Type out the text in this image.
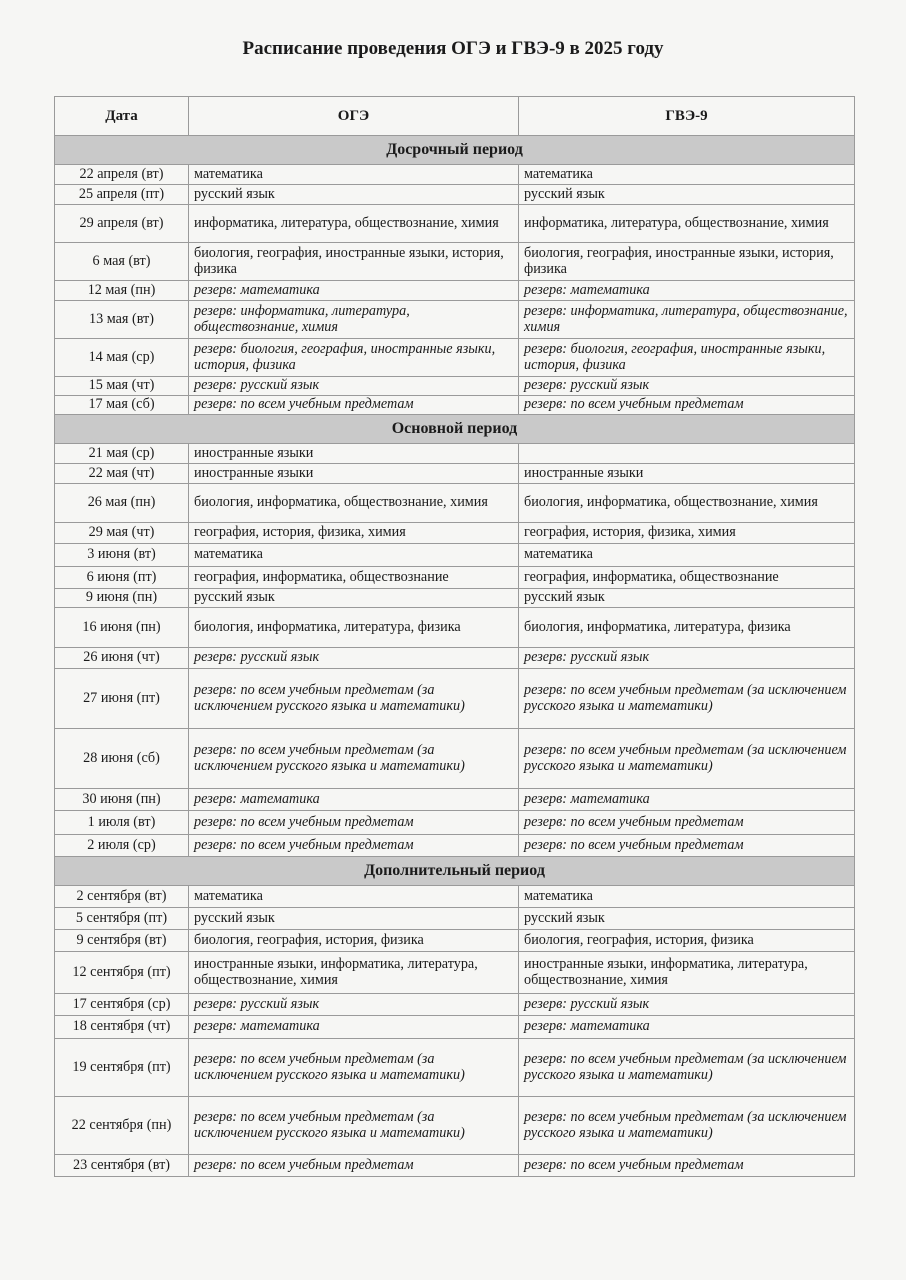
Расписание проведения ОГЭ и ГВЭ-9 в 2025 году
Дата	ОГЭ	ГВЭ-9
Досрочный период		
22 апреля (вт)	математика	математика
25 апреля (пт)	русский язык	русский язык
29 апреля (вт)	информатика, литература, обществознание, химия	информатика, литература, обществознание, химия
6 мая (вт)	биология, география, иностранные языки, история, физика	биология, география, иностранные языки, история, физика
12 мая (пн)	резерв: математика	резерв: математика
13 мая (вт)	резерв: информатика, литература, обществознание, химия	резерв: информатика, литература, обществознание, химия
14 мая (ср)	резерв: биология, география, иностранные языки, история, физика	резерв: биология, география, иностранные языки, история, физика
15 мая (чт)	резерв: русский язык	резерв: русский язык
17 мая (сб)	резерв: по всем учебным предметам	резерв: по всем учебным предметам
Основной период		
21 мая (ср)	иностранные языки	
22 мая (чт)	иностранные языки	иностранные языки
26 мая (пн)	биология, информатика, обществознание, химия	биология, информатика, обществознание, химия
29 мая (чт)	география, история, физика, химия	география, история, физика, химия
3 июня (вт)	математика	математика
6 июня (пт)	география, информатика, обществознание	география, информатика, обществознание
9 июня (пн)	русский язык	русский язык
16 июня (пн)	биология, информатика, литература, физика	биология, информатика, литература, физика
26 июня (чт)	резерв: русский язык	резерв: русский язык
27 июня (пт)	резерв: по всем учебным предметам (за исключением русского языка и математики)	резерв: по всем учебным предметам (за исключением русского языка и математики)
28 июня (сб)	резерв: по всем учебным предметам (за исключением русского языка и математики)	резерв: по всем учебным предметам (за исключением русского языка и математики)
30 июня (пн)	резерв: математика	резерв: математика
1 июля (вт)	резерв: по всем учебным предметам	резерв: по всем учебным предметам
2 июля (ср)	резерв: по всем учебным предметам	резерв: по всем учебным предметам
Дополнительный период		
2 сентября (вт)	математика	математика
5 сентября (пт)	русский язык	русский язык
9 сентября (вт)	биология, география, история, физика	биология, география, история, физика
12 сентября (пт)	иностранные языки, информатика, литература, обществознание, химия	иностранные языки, информатика, литература, обществознание, химия
17 сентября (ср)	резерв: русский язык	резерв: русский язык
18 сентября (чт)	резерв: математика	резерв: математика
19 сентября (пт)	резерв: по всем учебным предметам (за исключением русского языка и математики)	резерв: по всем учебным предметам (за исключением русского языка и математики)
22 сентября (пн)	резерв: по всем учебным предметам (за исключением русского языка и математики)	резерв: по всем учебным предметам (за исключением русского языка и математики)
23 сентября (вт)	резерв: по всем учебным предметам	резерв: по всем учебным предметам
